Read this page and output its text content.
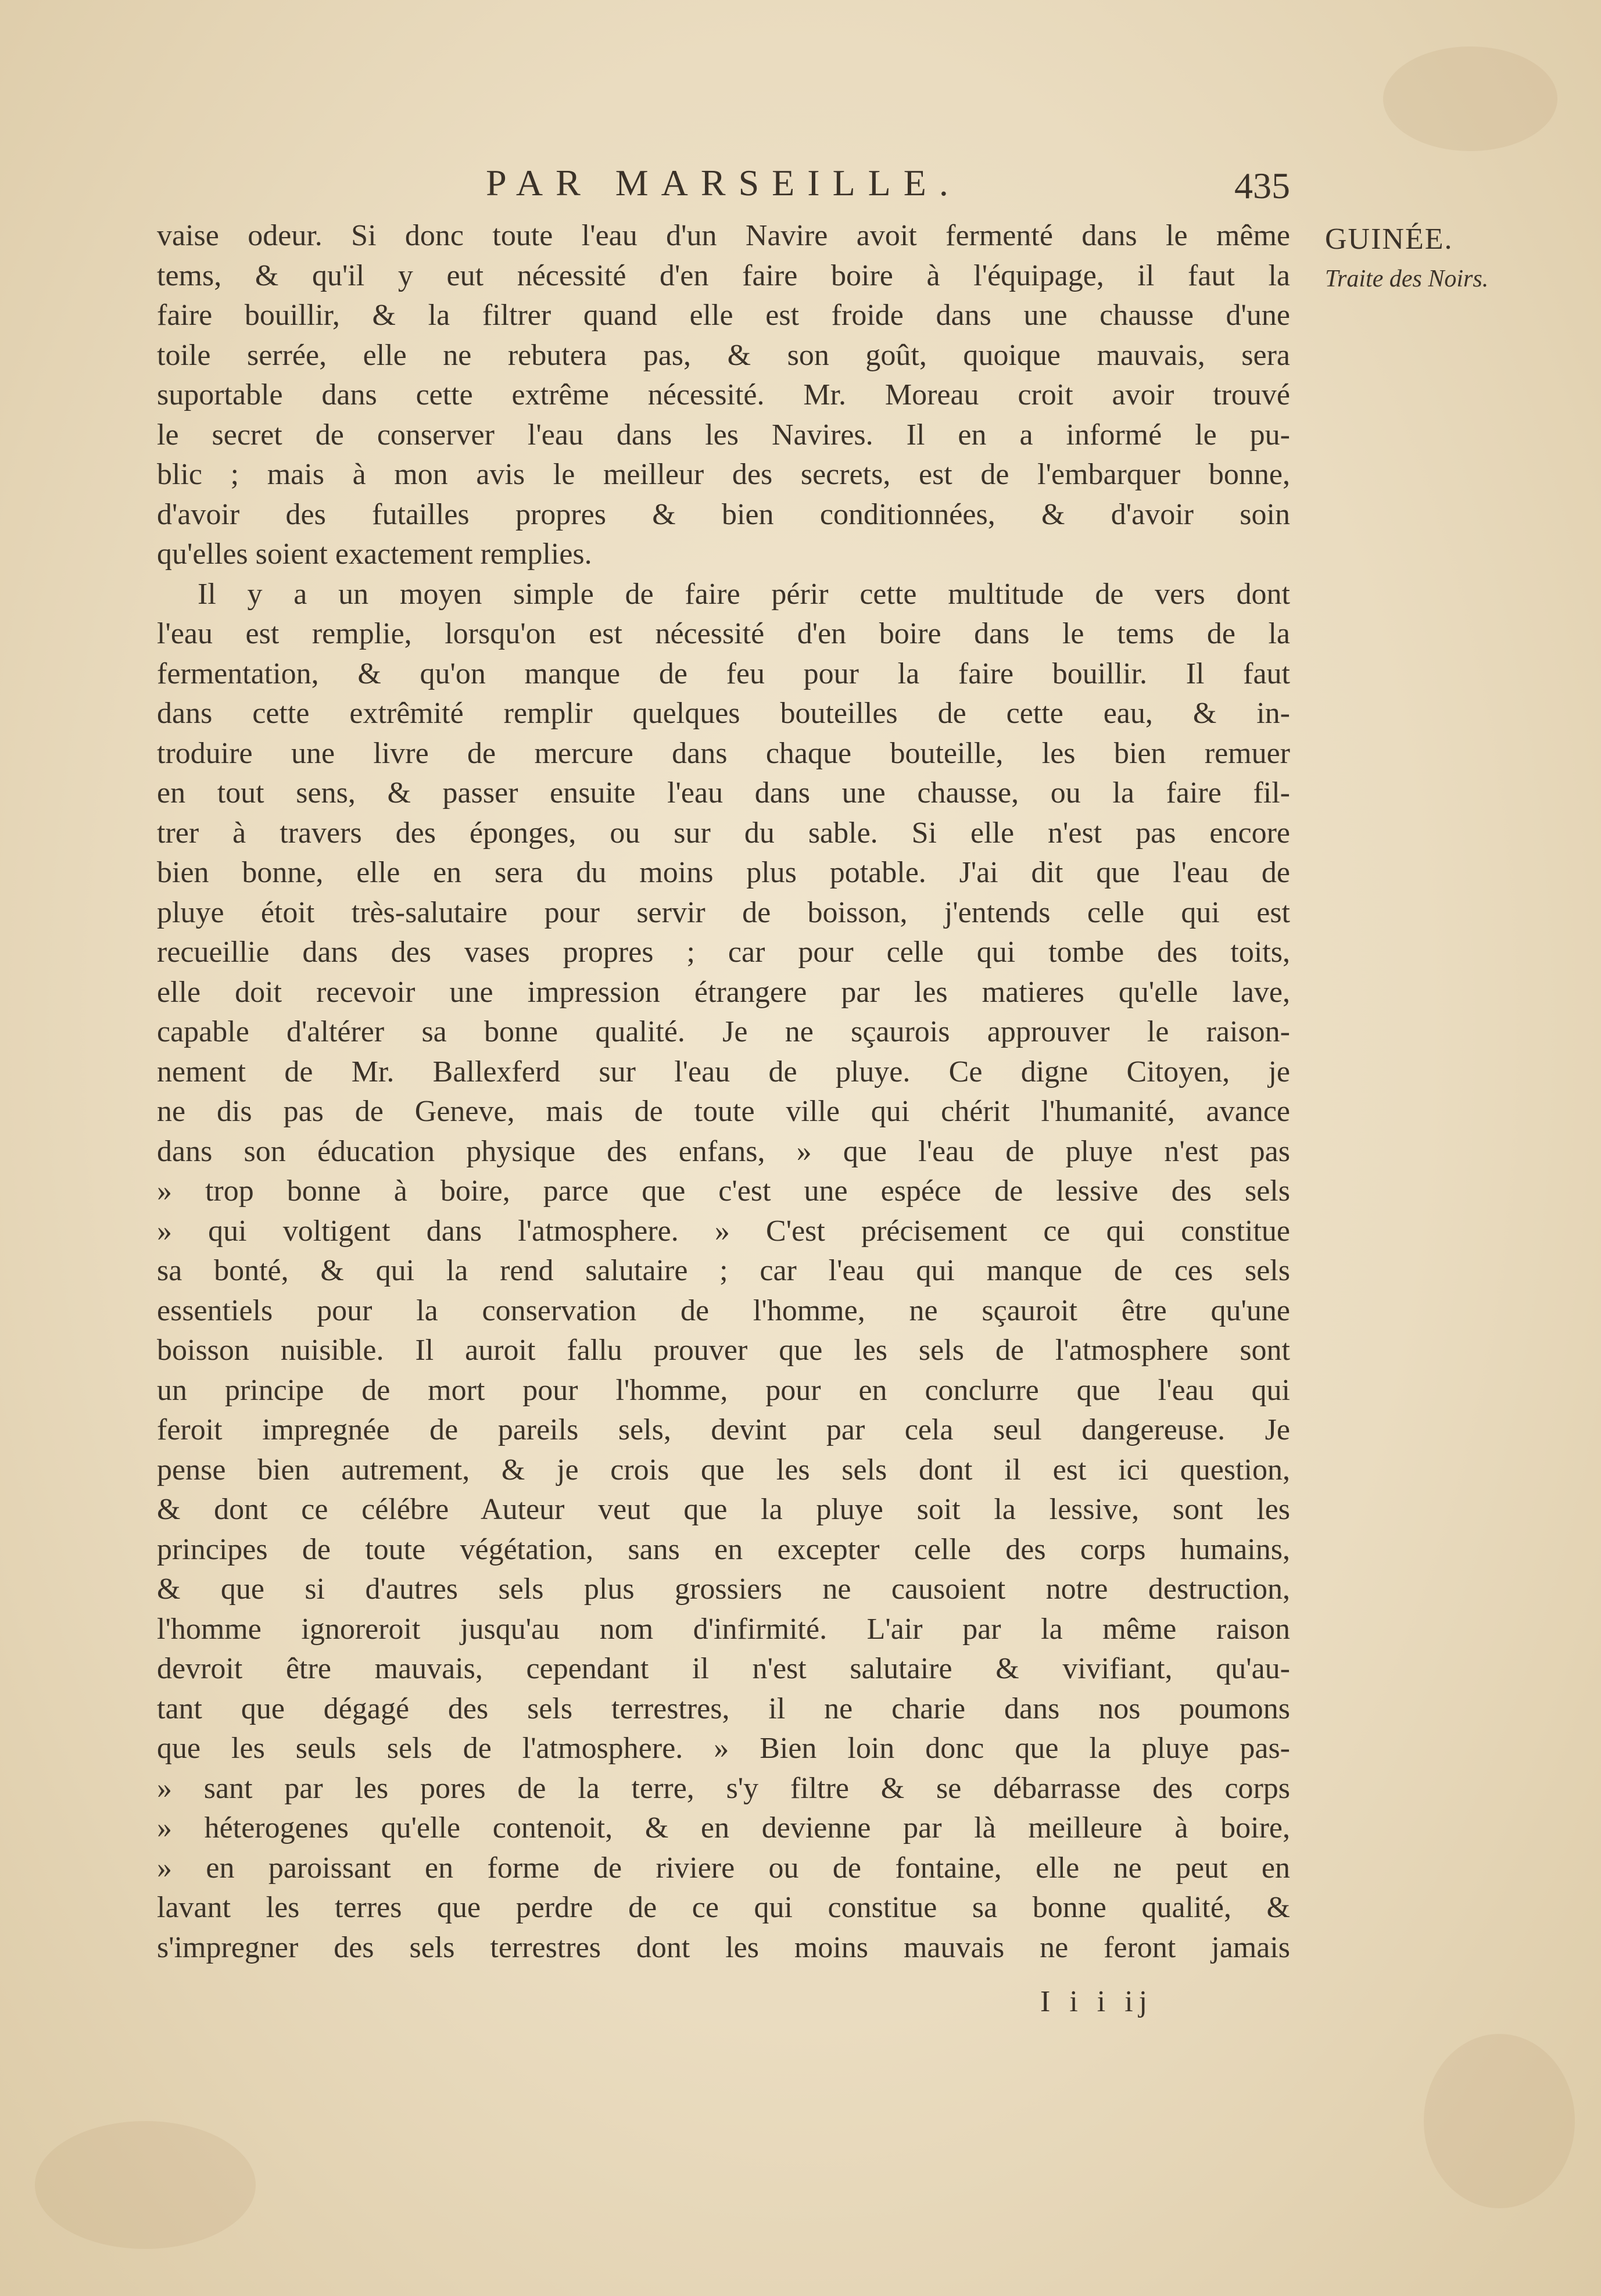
PAR MARSEILLE.	435
GUINÉE.
Traite des Noirs.
vaise odeur. Si donc toute l'eau d'un Navire avoit fermenté dans le même
tems, & qu'il y eut nécessité d'en faire boire à l'équipage, il faut la
faire bouillir, & la filtrer quand elle est froide dans une chausse d'une
toile serrée, elle ne rebutera pas, & son goût, quoique mauvais, sera
suportable dans cette extrême nécessité. Mr. Moreau croit avoir trouvé
le secret de conserver l'eau dans les Navires. Il en a informé le pu-
blic ; mais à mon avis le meilleur des secrets, est de l'embarquer bonne,
d'avoir des futailles propres & bien conditionnées, & d'avoir soin
qu'elles soient exactement remplies.
Il y a un moyen simple de faire périr cette multitude de vers dont
l'eau est remplie, lorsqu'on est nécessité d'en boire dans le tems de la
fermentation, & qu'on manque de feu pour la faire bouillir. Il faut
dans cette extrêmité remplir quelques bouteilles de cette eau, & in-
troduire une livre de mercure dans chaque bouteille, les bien remuer
en tout sens, & passer ensuite l'eau dans une chausse, ou la faire fil-
trer à travers des éponges, ou sur du sable. Si elle n'est pas encore
bien bonne, elle en sera du moins plus potable. J'ai dit que l'eau de
pluye étoit très-salutaire pour servir de boisson, j'entends celle qui est
recueillie dans des vases propres ; car pour celle qui tombe des toits,
elle doit recevoir une impression étrangere par les matieres qu'elle lave,
capable d'altérer sa bonne qualité. Je ne sçaurois approuver le raison-
nement de Mr. Ballexferd sur l'eau de pluye. Ce digne Citoyen, je
ne dis pas de Geneve, mais de toute ville qui chérit l'humanité, avance
dans son éducation physique des enfans, » que l'eau de pluye n'est pas
» trop bonne à boire, parce que c'est une espéce de lessive des sels
» qui voltigent dans l'atmosphere. » C'est précisement ce qui constitue
sa bonté, & qui la rend salutaire ; car l'eau qui manque de ces sels
essentiels pour la conservation de l'homme, ne sçauroit être qu'une
boisson nuisible. Il auroit fallu prouver que les sels de l'atmosphere sont
un principe de mort pour l'homme, pour en conclurre que l'eau qui
feroit impregnée de pareils sels, devint par cela seul dangereuse. Je
pense bien autrement, & je crois que les sels dont il est ici question,
& dont ce célébre Auteur veut que la pluye soit la lessive, sont les
principes de toute végétation, sans en excepter celle des corps humains,
& que si d'autres sels plus grossiers ne causoient notre destruction,
l'homme ignoreroit jusqu'au nom d'infirmité. L'air par la même raison
devroit être mauvais, cependant il n'est salutaire & vivifiant, qu'au-
tant que dégagé des sels terrestres, il ne charie dans nos poumons
que les seuls sels de l'atmosphere. » Bien loin donc que la pluye pas-
» sant par les pores de la terre, s'y filtre & se débarrasse des corps
» héterogenes qu'elle contenoit, & en devienne par là meilleure à boire,
» en paroissant en forme de riviere ou de fontaine, elle ne peut en
lavant les terres que perdre de ce qui constitue sa bonne qualité, &
s'impregner des sels terrestres dont les moins mauvais ne feront jamais
I i i ij
